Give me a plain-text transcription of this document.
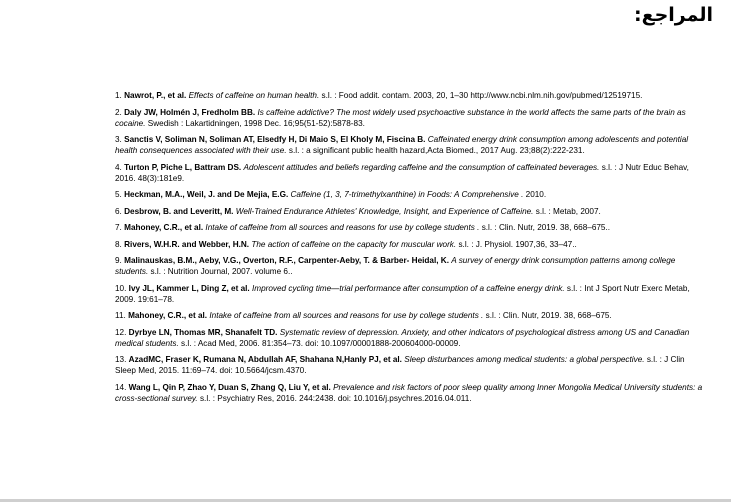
المراجع:
1. Nawrot, P., et al. Effects of caffeine on human health. s.l. : Food addit. contam. 2003, 20, 1–30 http://www.ncbi.nlm.nih.gov/pubmed/12519715.
2. Daly JW, Holmén J, Fredholm BB. Is caffeine addictive? The most widely used psychoactive substance in the world affects the same parts of the brain as cocaine. Swedish : Lakartidningen, 1998 Dec. 16;95(51-52):5878-83.
3. Sanctis V, Soliman N, Soliman AT, Elsedfy H, Di Maio S, El Kholy M, Fiscina B. Caffeinated energy drink consumption among adolescents and potential health consequences associated with their use. s.l. : a significant public health hazard,Acta Biomed., 2017 Aug. 23;88(2):222-231.
4. Turton P, Piche L, Battram DS. Adolescent attitudes and beliefs regarding caffeine and the consumption of caffeinated beverages. s.l. : J Nutr Educ Behav, 2016. 48(3):181e9.
5. Heckman, M.A., Weil, J. and De Mejia, E.G. Caffeine (1, 3, 7-trimethylxanthine) in Foods: A Comprehensive . 2010.
6. Desbrow, B. and Leveritt, M. Well-Trained Endurance Athletes' Knowledge, Insight, and Experience of Caffeine. s.l. : Metab, 2007.
7. Mahoney, C.R., et al. Intake of caffeine from all sources and reasons for use by college students . s.l. : Clin. Nutr, 2019. 38, 668–675..
8. Rivers, W.H.R. and Webber, H.N. The action of caffeine on the capacity for muscular work. s.l. : J. Physiol. 1907,36, 33–47..
9. Malinauskas, B.M., Aeby, V.G., Overton, R.F., Carpenter-Aeby, T. & Barber- Heidal, K. A survey of energy drink consumption patterns among college students. s.l. : Nutrition Journal, 2007. volume 6..
10. Ivy JL, Kammer L, Ding Z, et al. Improved cycling time—trial performance after consumption of a caffeine energy drink. s.l. : Int J Sport Nutr Exerc Metab, 2009. 19:61–78.
11. Mahoney, C.R., et al. Intake of caffeine from all sources and reasons for use by college students . s.l. : Clin. Nutr, 2019. 38, 668–675.
12. Dyrbye LN, Thomas MR, Shanafelt TD. Systematic review of depression. Anxiety, and other indicators of psychological distress among US and Canadian medical students. s.l. : Acad Med, 2006. 81:354–73. doi: 10.1097/00001888-200604000-00009.
13. AzadMC, Fraser K, Rumana N, Abdullah AF, Shahana N,Hanly PJ, et al. Sleep disturbances among medical students: a global perspective. s.l. : J Clin Sleep Med, 2015. 11:69–74. doi: 10.5664/jcsm.4370.
14. Wang L, Qin P, Zhao Y, Duan S, Zhang Q, Liu Y, et al. Prevalence and risk factors of poor sleep quality among Inner Mongolia Medical University students: a cross-sectional survey. s.l. : Psychiatry Res, 2016. 244:2438. doi: 10.1016/j.psychres.2016.04.011.
